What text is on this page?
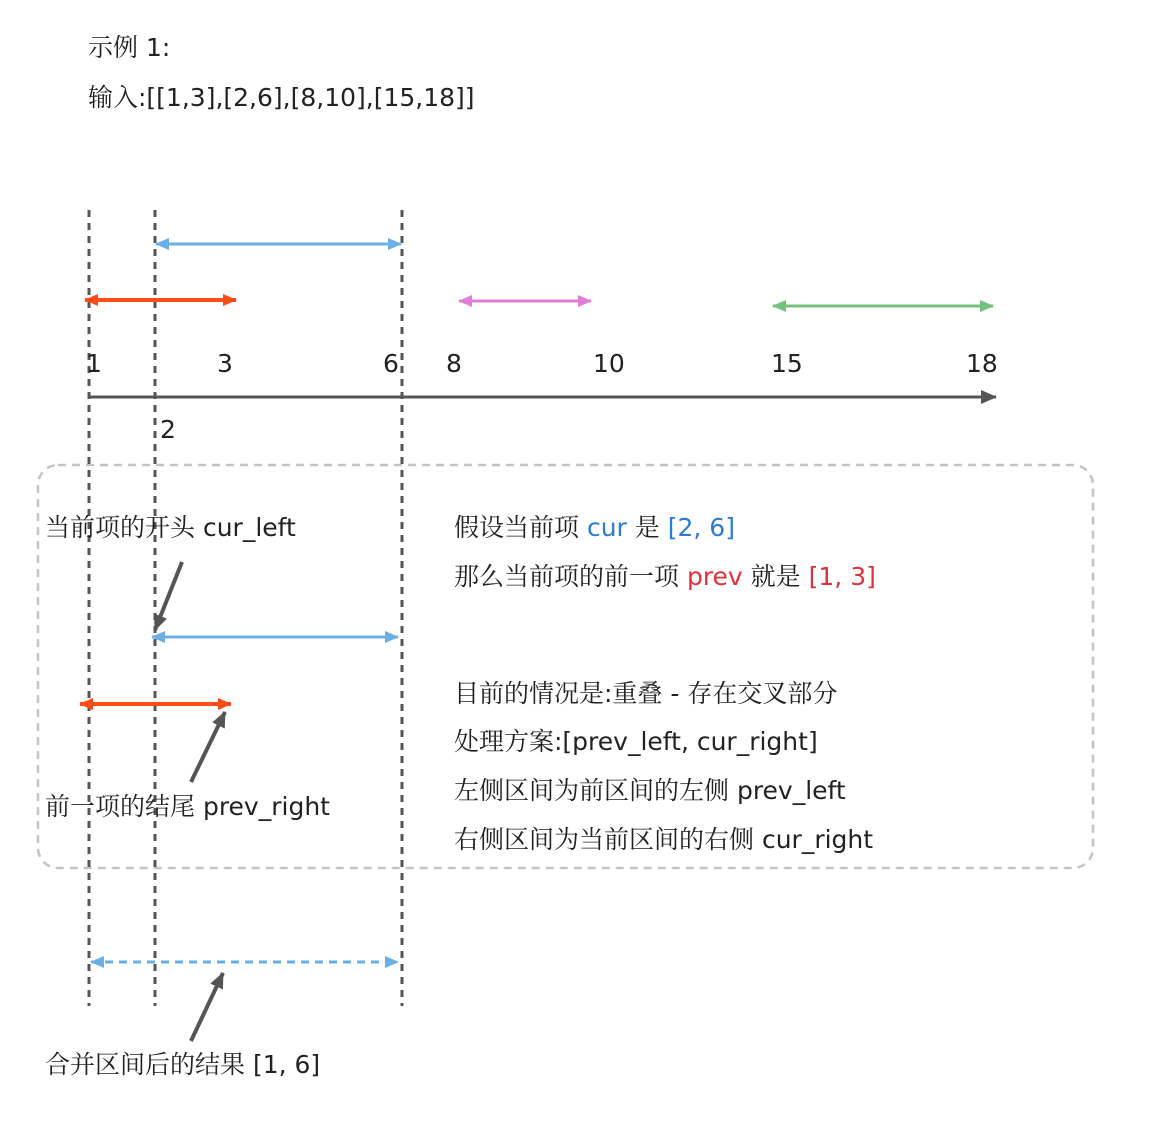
示例 1:
输入:[[1,3],[2,6],[8,10],[15,18]]
1	3	6 8	10	15	18
2
当前项的开头 cur_left
前一项的结尾 prev_right
假设当前项 cur 是 [2, 6]
那么当前项的前一项 prev 就是 [1, 3]
目前的情况是:重叠 - 存在交叉部分
处理方案:[prev_left, cur_right]
左侧区间为前区间的左侧 prev_left
右侧区间为当前区间的右侧 cur_right
合并区间后的结果 [1, 6]
